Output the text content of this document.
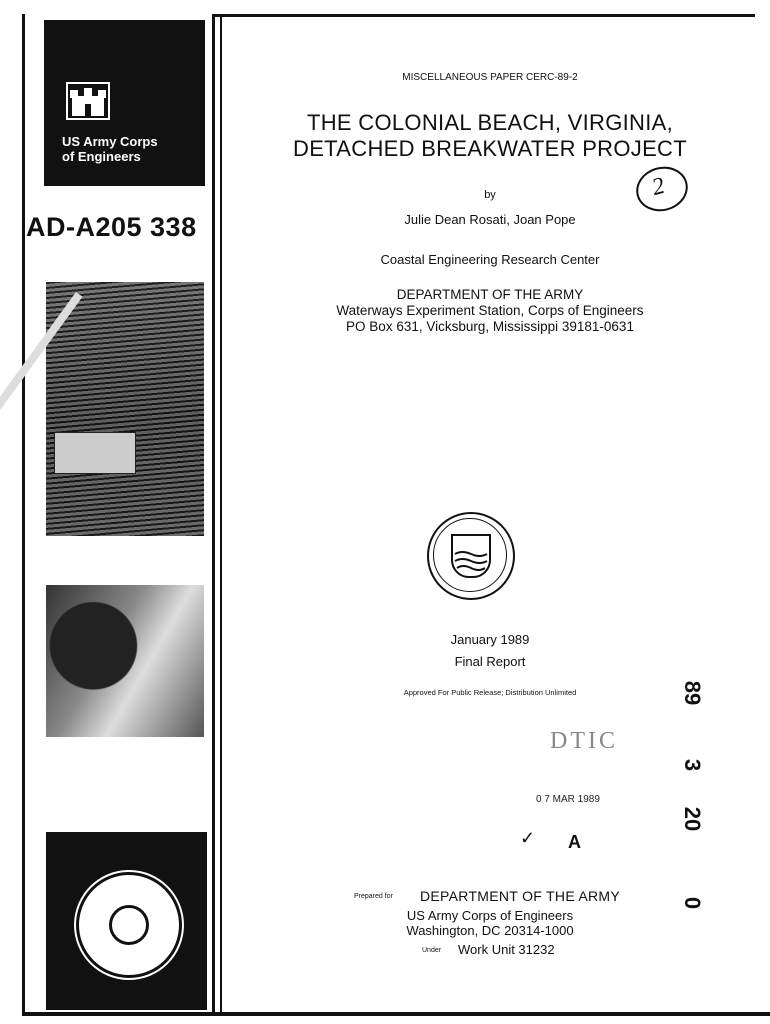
US Army Corps
of Engineers
AD-A205 338
2
MISCELLANEOUS PAPER CERC-89-2
THE COLONIAL BEACH, VIRGINIA,
DETACHED BREAKWATER PROJECT
by
Julie Dean Rosati, Joan Pope
Coastal Engineering Research Center
DEPARTMENT OF THE ARMY
Waterways Experiment Station, Corps of Engineers
PO Box 631, Vicksburg, Mississippi 39181-0631
January 1989
Final Report
Approved For Public Release; Distribution Unlimited
DTIC
0 7 MAR 1989
✓ A
Prepared for DEPARTMENT OF THE ARMY
US Army Corps of Engineers
Washington, DC 20314-1000
Under Work Unit 31232
89
3
20
0
